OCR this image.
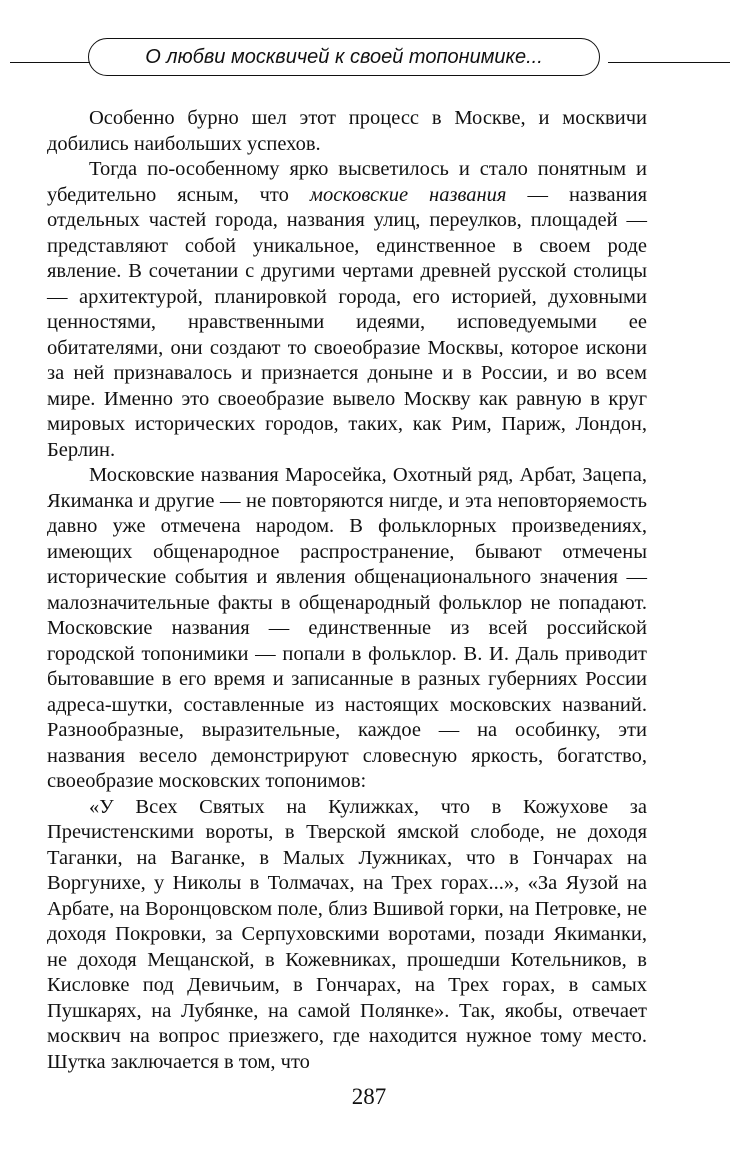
О любви москвичей к своей топонимике...

Особенно бурно шел этот процесс в Москве, и москвичи добились наибольших успехов.

Тогда по-особенному ярко высветилось и стало понятным и убедительно ясным, что московские названия — названия отдельных частей города, названия улиц, переулков, площадей — представляют собой уникальное, единственное в своем роде явление. В сочетании с другими чертами древней русской столицы — архитектурой, планировкой города, его историей, духовными ценностями, нравственными идеями, исповедуемыми ее обитателями, они создают то своеобразие Москвы, которое искони за ней признавалось и признается доныне и в России, и во всем мире. Именно это своеобразие вывело Москву как равную в круг мировых исторических городов, таких, как Рим, Париж, Лондон, Берлин.

Московские названия Маросейка, Охотный ряд, Арбат, Зацепа, Якиманка и другие — не повторяются нигде, и эта неповторяемость давно уже отмечена народом. В фольклорных произведениях, имеющих общенародное распространение, бывают отмечены исторические события и явления общенационального значения — малозначительные факты в общенародный фольклор не попадают. Московские названия — единственные из всей российской городской топонимики — попали в фольклор. В. И. Даль приводит бытовавшие в его время и записанные в разных губерниях России адреса-шутки, составленные из настоящих московских названий. Разнообразные, выразительные, каждое — на особинку, эти названия весело демонстрируют словесную яркость, богатство, своеобразие московских топонимов:

«У Всех Святых на Кулижках, что в Кожухове за Пречистенскими вороты, в Тверской ямской слободе, не доходя Таганки, на Ваганке, в Малых Лужниках, что в Гончарах на Воргунихе, у Николы в Толмачах, на Трех горах...», «За Яузой на Арбате, на Воронцовском поле, близ Вшивой горки, на Петровке, не доходя Покровки, за Серпуховскими воротами, позади Якиманки, не доходя Мещанской, в Кожевниках, прошедши Котельников, в Кисловке под Девичьим, в Гончарах, на Трех горах, в самых Пушкарях, на Лубянке, на самой Полянке». Так, якобы, отвечает москвич на вопрос приезжего, где находится нужное тому место. Шутка заключается в том, что

287
